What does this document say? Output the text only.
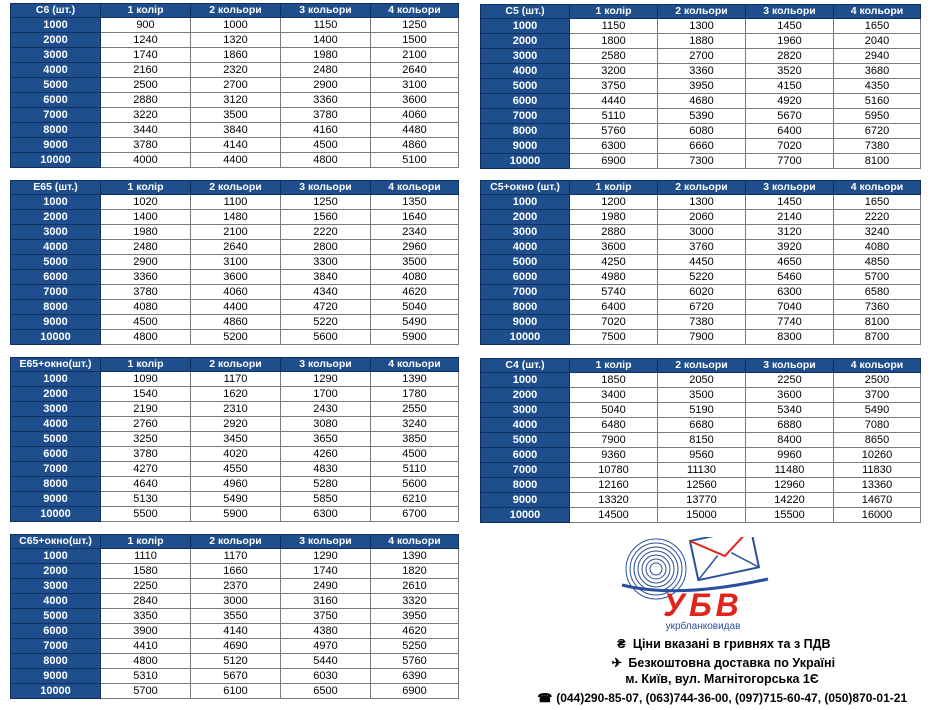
С6 (шт.)	1 колір	2 кольори	3 кольори	4 кольори
1000	900	1000	1150	1250
2000	1240	1320	1400	1500
3000	1740	1860	1980	2100
4000	2160	2320	2480	2640
5000	2500	2700	2900	3100
6000	2880	3120	3360	3600
7000	3220	3500	3780	4060
8000	3440	3840	4160	4480
9000	3780	4140	4500	4860
10000	4000	4400	4800	5100
С5 (шт.)	1 колір	2 кольори	3 кольори	4 кольори
1000	1150	1300	1450	1650
2000	1800	1880	1960	2040
3000	2580	2700	2820	2940
4000	3200	3360	3520	3680
5000	3750	3950	4150	4350
6000	4440	4680	4920	5160
7000	5110	5390	5670	5950
8000	5760	6080	6400	6720
9000	6300	6660	7020	7380
10000	6900	7300	7700	8100
Е65 (шт.)	1 колір	2 кольори	3 кольори	4 кольори
1000	1020	1100	1250	1350
2000	1400	1480	1560	1640
3000	1980	2100	2220	2340
4000	2480	2640	2800	2960
5000	2900	3100	3300	3500
6000	3360	3600	3840	4080
7000	3780	4060	4340	4620
8000	4080	4400	4720	5040
9000	4500	4860	5220	5490
10000	4800	5200	5600	5900
С5+окно (шт.)	1 колір	2 кольори	3 кольори	4 кольори
1000	1200	1300	1450	1650
2000	1980	2060	2140	2220
3000	2880	3000	3120	3240
4000	3600	3760	3920	4080
5000	4250	4450	4650	4850
6000	4980	5220	5460	5700
7000	5740	6020	6300	6580
8000	6400	6720	7040	7360
9000	7020	7380	7740	8100
10000	7500	7900	8300	8700
Е65+окно(шт.)	1 колір	2 кольори	3 кольори	4 кольори
1000	1090	1170	1290	1390
2000	1540	1620	1700	1780
3000	2190	2310	2430	2550
4000	2760	2920	3080	3240
5000	3250	3450	3650	3850
6000	3780	4020	4260	4500
7000	4270	4550	4830	5110
8000	4640	4960	5280	5600
9000	5130	5490	5850	6210
10000	5500	5900	6300	6700
С4 (шт.)	1 колір	2 кольори	3 кольори	4 кольори
1000	1850	2050	2250	2500
2000	3400	3500	3600	3700
3000	5040	5190	5340	5490
4000	6480	6680	6880	7080
5000	7900	8150	8400	8650
6000	9360	9560	9960	10260
7000	10780	11130	11480	11830
8000	12160	12560	12960	13360
9000	13320	13770	14220	14670
10000	14500	15000	15500	16000
С65+окно(шт.)	1 колір	2 кольори	3 кольори	4 кольори
1000	1110	1170	1290	1390
2000	1580	1660	1740	1820
3000	2250	2370	2490	2610
4000	2840	3000	3160	3320
5000	3350	3550	3750	3950
6000	3900	4140	4380	4620
7000	4410	4690	4970	5250
8000	4800	5120	5440	5760
9000	5310	5670	6030	6390
10000	5700	6100	6500	6900
УБВ
укрбланковидав
₴ Ціни вказані в гривнях та з ПДВ
✈ Безкоштовна доставка по Україні
м. Київ, вул. Магнітогорська 1Є
☎ (044)290-85-07, (063)744-36-00, (097)715-60-47, (050)870-01-21
